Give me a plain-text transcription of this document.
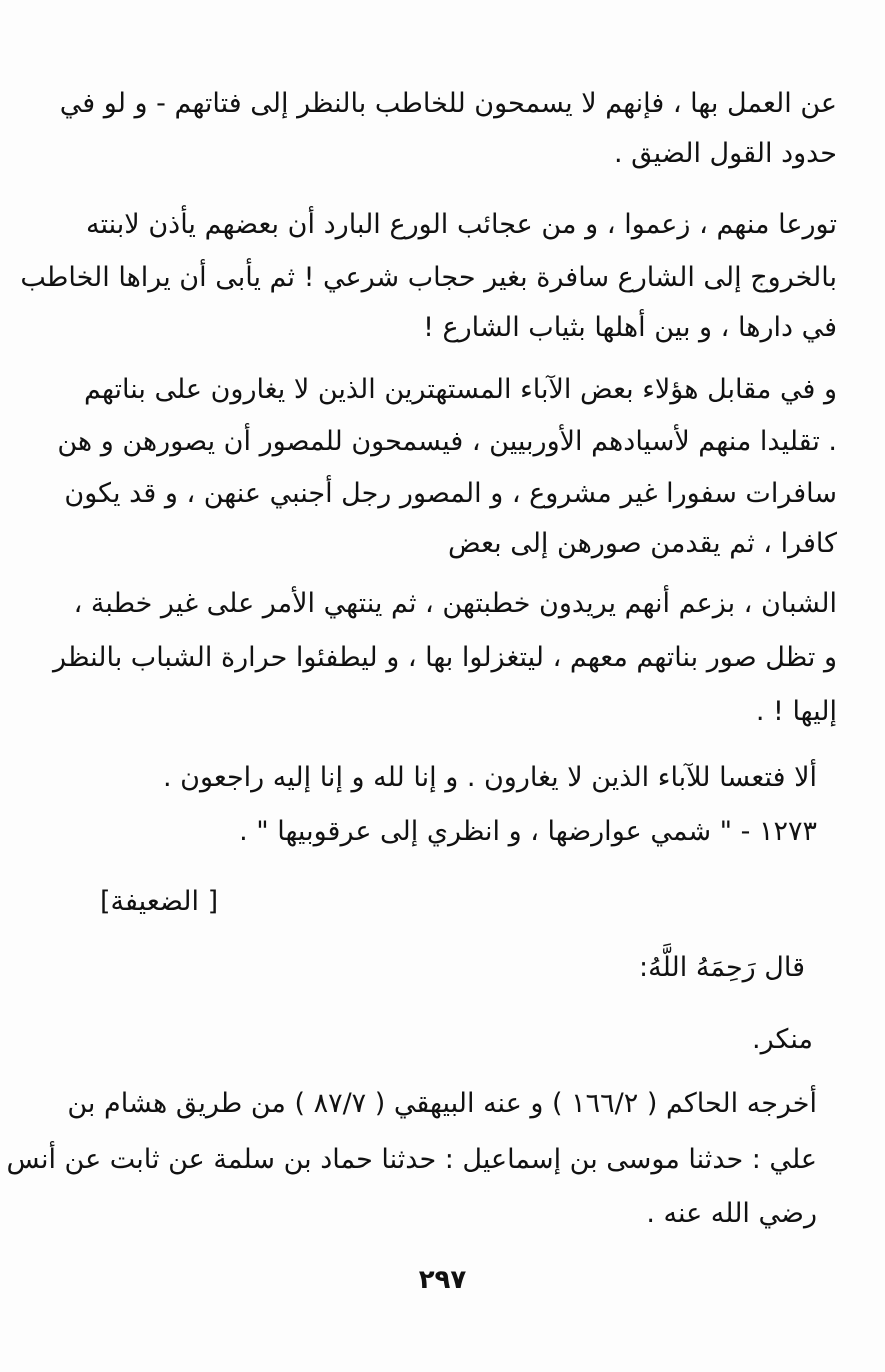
عن العمل بها ، فإنهم لا يسمحون للخاطب بالنظر إلى فتاتهم - و لو في
حدود القول الضيق .
تورعا منهم ، زعموا ، و من عجائب الورع البارد أن بعضهم يأذن لابنته
بالخروج إلى الشارع سافرة بغير حجاب شرعي ! ثم يأبى أن يراها الخاطب
في دارها ، و بين أهلها بثياب الشارع !
و في مقابل هؤلاء بعض الآباء المستهترين الذين لا يغارون على بناتهم
. تقليدا منهم لأسيادهم الأوربيين ، فيسمحون للمصور أن يصورهن و هن
سافرات سفورا غير مشروع ، و المصور رجل أجنبي عنهن ، و قد يكون
كافرا ، ثم يقدمن صورهن إلى بعض
الشبان ، بزعم أنهم يريدون خطبتهن ، ثم ينتهي الأمر على غير خطبة ،
و تظل صور بناتهم معهم ، ليتغزلوا بها ، و ليطفئوا حرارة الشباب بالنظر
إليها ! .
ألا فتعسا للآباء الذين لا يغارون . و إنا لله و إنا إليه راجعون .
١٢٧٣ - " شمي عوارضها ، و انظري إلى عرقوبيها " .
[ الضعيفة]
قال رَحِمَهُ اللَّهُ:
منكر.
أخرجه الحاكم ( ١٦٦/٢ ) و عنه البيهقي ( ٨٧/٧ ) من طريق هشام بن
علي : حدثنا موسى بن إسماعيل : حدثنا حماد بن سلمة عن ثابت عن أنس
رضي الله عنه .
٢٩٧
